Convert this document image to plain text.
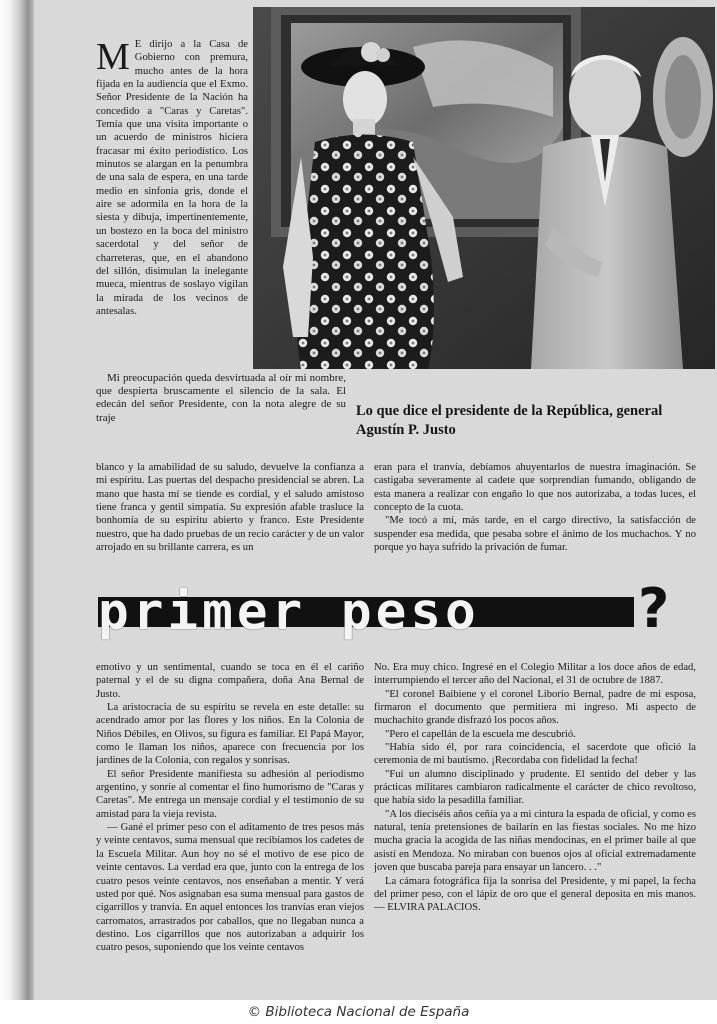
M E dirijo a la Casa de Gobierno con premura, mucho antes de la hora fijada en la audiencia que el Exmo. Señor Presidente de la Nación ha concedido a "Caras y Caretas". Temía que una visita importante o un acuerdo de ministros hiciera fracasar mi éxito periodístico. Los minutos se alargan en la penumbra de una sala de espera, en una tarde medio en sinfonía gris, donde el aire se adormila en la hora de la siesta y dibuja, impertinentemente, un bostezo en la boca del ministro sacerdotal y del señor de charreteras, que, en el abandono del sillón, disimulan la inelegante mueca, mientras de soslayo vigilan la mirada de los vecinos de antesalas.

Mi preocupación queda desvirtuada al oír mi nombre, que despierta bruscamente el silencio de la sala. El edecán del señor Presidente, con la nota alegre de su traje	Lo que dice el presidente de la República, general Agustín P. Justo

blanco y la amabilidad de su saludo, devuelve la confianza a mi espíritu. Las puertas del despacho presidencial se abren. La mano que hasta mí se tiende es cordial, y el saludo amistoso tiene franca y gentil simpatía. Su expresión afable trasluce la bonhomía de su espíritu abierto y franco. Este Presidente nuestro, que ha dado pruebas de un recio carácter y de un valor arrojado en su brillante carrera, es un

eran para el tranvía, debíamos ahuyentarlos de nuestra imaginación. Se castigaba severamente al cadete que sorprendían fumando, obligando de esta manera a realizar con engaño lo que nos autorizaba, a todas luces, el concepto de la cuota.

"Me tocó a mí, más tarde, en el cargo directivo, la satisfacción de suspender esa medida, que pesaba sobre el ánimo de los muchachos. Y no porque yo haya sufrido la privación de fumar.

primer peso	?

emotivo y un sentimental, cuando se toca en él el cariño paternal y el de su digna compañera, doña Ana Bernal de Justo.

La aristocracia de su espíritu se revela en este detalle: su acendrado amor por las flores y los niños. En la Colonia de Niños Débiles, en Olivos, su figura es familiar. El Papá Mayor, como le llaman los niños, aparece con frecuencia por los jardines de la Colonia, con regalos y sonrisas.

El señor Presidente manifiesta su adhesión al periodismo argentino, y sonríe al comentar el fino humorismo de "Caras y Caretas". Me entrega un mensaje cordial y el testimonio de su amistad para la vieja revista.

— Gané el primer peso con el aditamento de tres pesos más y veinte centavos, suma mensual que recibíamos los cadetes de la Escuela Militar. Aun hoy no sé el motivo de ese pico de veinte centavos. La verdad era que, junto con la entrega de los cuatro pesos veinte centavos, nos enseñaban a mentir. Y verá usted por qué. Nos asignaban esa suma mensual para gastos de cigarrillos y tranvía. En aquel entonces los tranvías eran viejos carromatos, arrastrados por caballos, que no llegaban nunca a destino. Los cigarrillos que nos autorizaban a adquirir los cuatro pesos, suponiendo que los veinte centavos

No. Era muy chico. Ingresé en el Colegio Militar a los doce años de edad, interrumpiendo el tercer año del Nacional, el 31 de octubre de 1887.

"El coronel Baibiene y el coronel Liborio Bernal, padre de mi esposa, firmaron el documento que permitiera mi ingreso. Mi aspecto de muchachito grande disfrazó los pocos años.

"Pero el capellán de la escuela me descubrió.

"Había sido él, por rara coincidencia, el sacerdote que ofició la ceremonia de mi bautismo. ¡Recordaba con fidelidad la fecha!

"Fuí un alumno disciplinado y prudente. El sentido del deber y las prácticas militares cambiaron radicalmente el carácter de chico revoltoso, que había sido la pesadilla familiar.

"A los dieciséis años ceñía ya a mi cintura la espada de oficial, y como es natural, tenía pretensiones de bailarín en las fiestas sociales. No me hizo mucha gracia la acogida de las niñas mendocinas, en el primer baile al que asistí en Mendoza. No miraban con buenos ojos al oficial extremadamente joven que buscaba pareja para ensayar un lancero. . ."

La cámara fotográfica fija la sonrisa del Presidente, y mi papel, la fecha del primer peso, con el lápiz de oro que el general deposita en mis manos. — ELVIRA PALACIOS.

© Biblioteca Nacional de España
